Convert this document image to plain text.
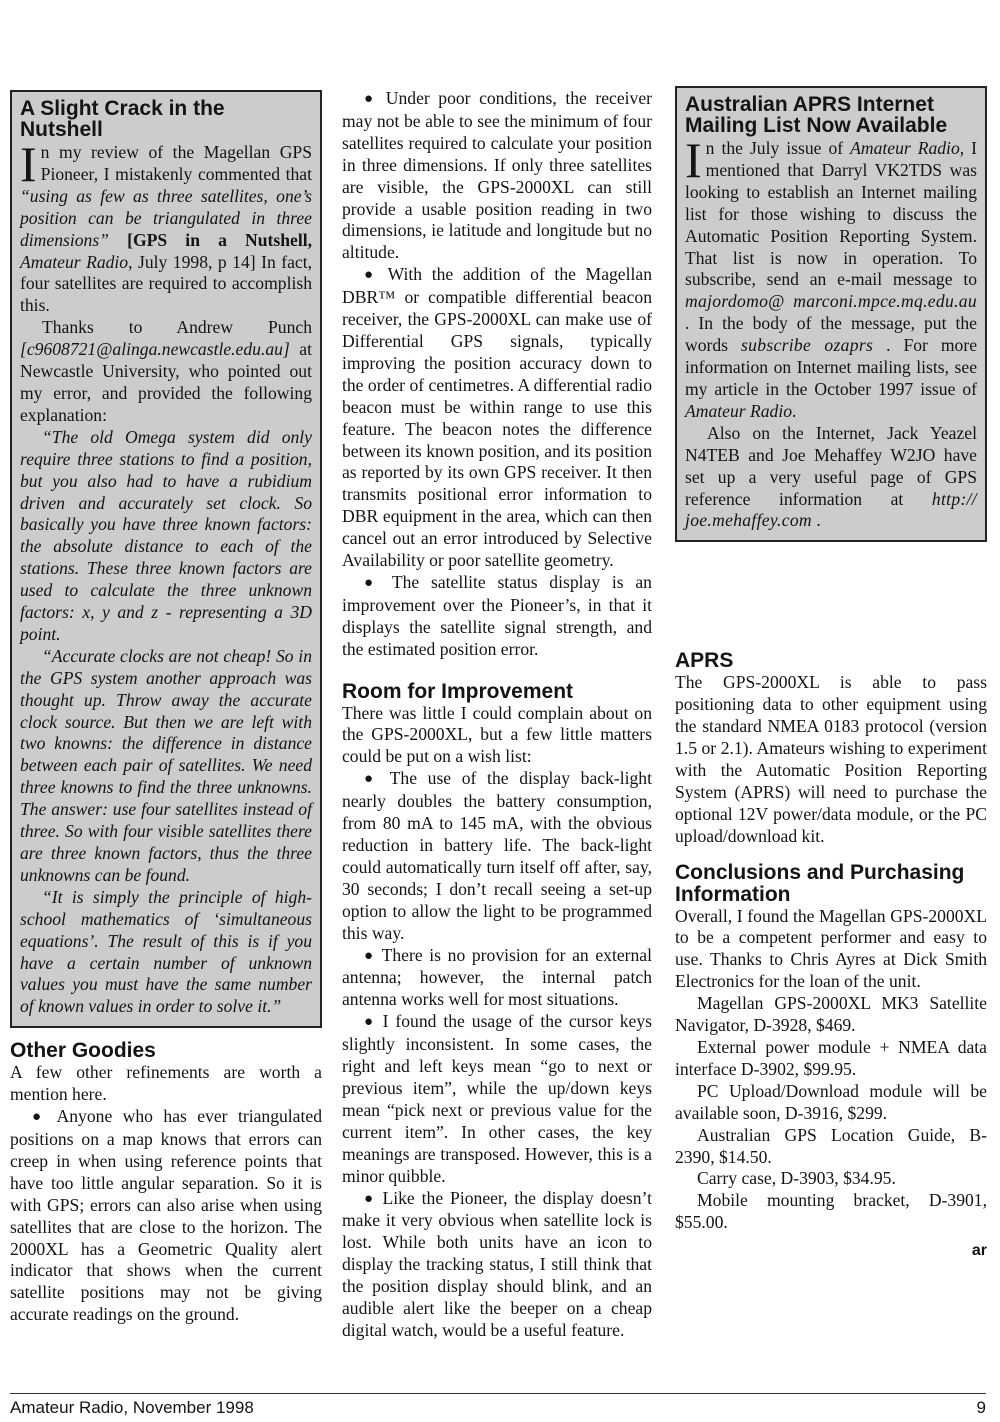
A Slight Crack in the Nutshell

In my review of the Magellan GPS Pioneer, I mistakenly commented that “using as few as three satellites, one’s position can be triangulated in three dimensions” [GPS in a Nutshell, Amateur Radio, July 1998, p 14] In fact, four satellites are required to accomplish this.

Thanks to Andrew Punch [c9608721@alinga.newcastle.edu.au] at Newcastle University, who pointed out my error, and provided the following explanation:

“The old Omega system did only require three stations to find a position, but you also had to have a rubidium driven and accurately set clock. So basically you have three known factors: the absolute distance to each of the stations. These three known factors are used to calculate the three unknown factors: x, y and z - representing a 3D point.

“Accurate clocks are not cheap! So in the GPS system another approach was thought up. Throw away the accurate clock source. But then we are left with two knowns: the difference in distance between each pair of satellites. We need three knowns to find the three unknowns. The answer: use four satellites instead of three. So with four visible satellites there are three known factors, thus the three unknowns can be found.

“It is simply the principle of high-school mathematics of ‘simultaneous equations’. The result of this is if you have a certain number of unknown values you must have the same number of known values in order to solve it.”

Other Goodies

A few other refinements are worth a mention here.

● Anyone who has ever triangulated positions on a map knows that errors can creep in when using reference points that have too little angular separation. So it is with GPS; errors can also arise when using satellites that are close to the horizon. The 2000XL has a Geometric Quality alert indicator that shows when the current satellite positions may not be giving accurate readings on the ground.

● Under poor conditions, the receiver may not be able to see the minimum of four satellites required to calculate your position in three dimensions. If only three satellites are visible, the GPS-2000XL can still provide a usable position reading in two dimensions, ie latitude and longitude but no altitude.

● With the addition of the Magellan DBR™ or compatible differential beacon receiver, the GPS-2000XL can make use of Differential GPS signals, typically improving the position accuracy down to the order of centimetres. A differential radio beacon must be within range to use this feature. The beacon notes the difference between its known position, and its position as reported by its own GPS receiver. It then transmits positional error information to DBR equipment in the area, which can then cancel out an error introduced by Selective Availability or poor satellite geometry.

● The satellite status display is an improvement over the Pioneer’s, in that it displays the satellite signal strength, and the estimated position error.

Room for Improvement

There was little I could complain about on the GPS-2000XL, but a few little matters could be put on a wish list:

● The use of the display back-light nearly doubles the battery consumption, from 80 mA to 145 mA, with the obvious reduction in battery life. The back-light could automatically turn itself off after, say, 30 seconds; I don’t recall seeing a set-up option to allow the light to be programmed this way.

● There is no provision for an external antenna; however, the internal patch antenna works well for most situations.

● I found the usage of the cursor keys slightly inconsistent. In some cases, the right and left keys mean “go to next or previous item”, while the up/down keys mean “pick next or previous value for the current item”. In other cases, the key meanings are transposed. However, this is a minor quibble.

● Like the Pioneer, the display doesn’t make it very obvious when satellite lock is lost. While both units have an icon to display the tracking status, I still think that the position display should blink, and an audible alert like the beeper on a cheap digital watch, would be a useful feature.

Australian APRS Internet Mailing List Now Available

In the July issue of Amateur Radio, I mentioned that Darryl VK2TDS was looking to establish an Internet mailing list for those wishing to discuss the Automatic Position Reporting System. That list is now in operation. To subscribe, send an e-mail message to majordomo@ marconi.mpce.mq.edu.au . In the body of the message, put the words subscribe ozaprs . For more information on Internet mailing lists, see my article in the October 1997 issue of Amateur Radio.

Also on the Internet, Jack Yeazel N4TEB and Joe Mehaffey W2JO have set up a very useful page of GPS reference information at http:// joe.mehaffey.com .

APRS

The GPS-2000XL is able to pass positioning data to other equipment using the standard NMEA 0183 protocol (version 1.5 or 2.1). Amateurs wishing to experiment with the Automatic Position Reporting System (APRS) will need to purchase the optional 12V power/data module, or the PC upload/download kit.

Conclusions and Purchasing Information

Overall, I found the Magellan GPS-2000XL to be a competent performer and easy to use. Thanks to Chris Ayres at Dick Smith Electronics for the loan of the unit.

Magellan GPS-2000XL MK3 Satellite Navigator, D-3928, $469.

External power module + NMEA data interface D-3902, $99.95.

PC Upload/Download module will be available soon, D-3916, $299.

Australian GPS Location Guide, B-2390, $14.50.

Carry case, D-3903, $34.95.

Mobile mounting bracket, D-3901, $55.00.

ar
Amateur Radio, November 1998	9
